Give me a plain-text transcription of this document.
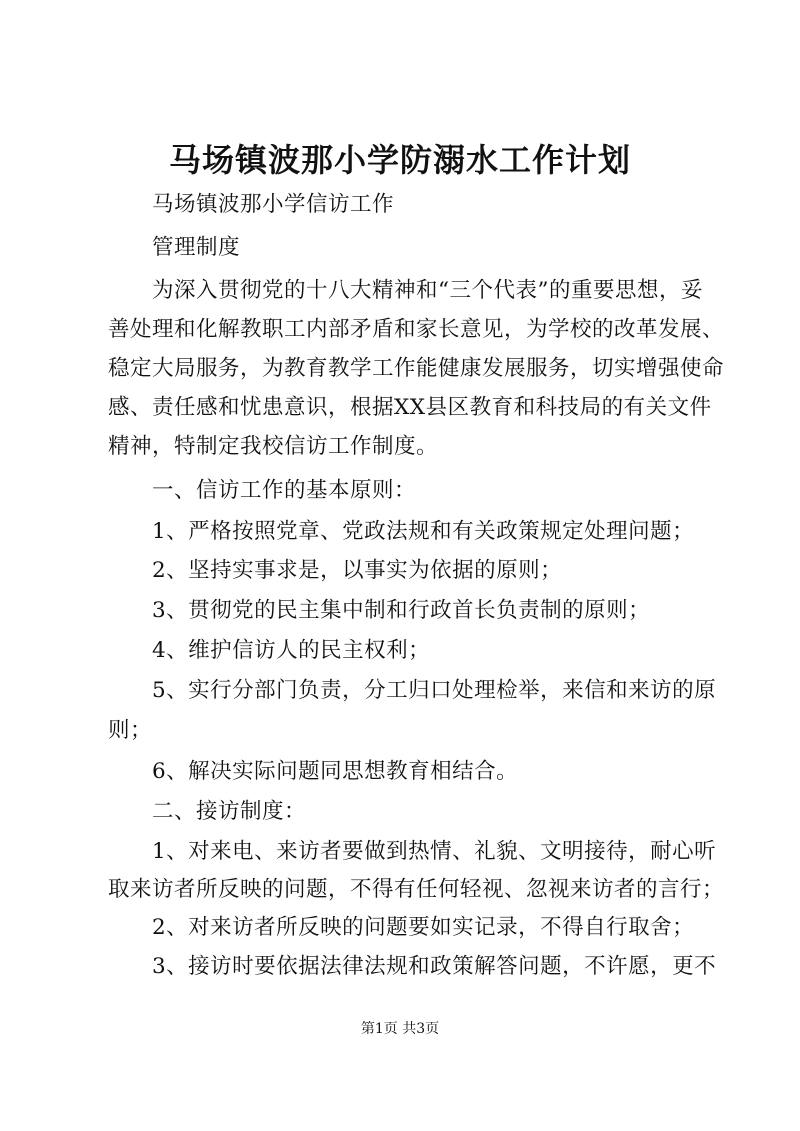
马场镇波那小学防溺水工作计划
马场镇波那小学信访工作
管理制度
为深入贯彻党的十八大精神和“三个代表”的重要思想，妥
善处理和化解教职工内部矛盾和家长意见，为学校的改革发展、
稳定大局服务，为教育教学工作能健康发展服务，切实增强使命
感、责任感和忧患意识，根据XX县区教育和科技局的有关文件
精神，特制定我校信访工作制度。
一、信访工作的基本原则：
1、严格按照党章、党政法规和有关政策规定处理问题；
2、坚持实事求是，以事实为依据的原则；
3、贯彻党的民主集中制和行政首长负责制的原则；
4、维护信访人的民主权利；
5、实行分部门负责，分工归口处理检举，来信和来访的原
则；
6、解决实际问题同思想教育相结合。
二、接访制度：
1、对来电、来访者要做到热情、礼貌、文明接待，耐心听
取来访者所反映的问题，不得有任何轻视、忽视来访者的言行；
2、对来访者所反映的问题要如实记录，不得自行取舍；
3、接访时要依据法律法规和政策解答问题，不许愿，更不
第1页 共3页
